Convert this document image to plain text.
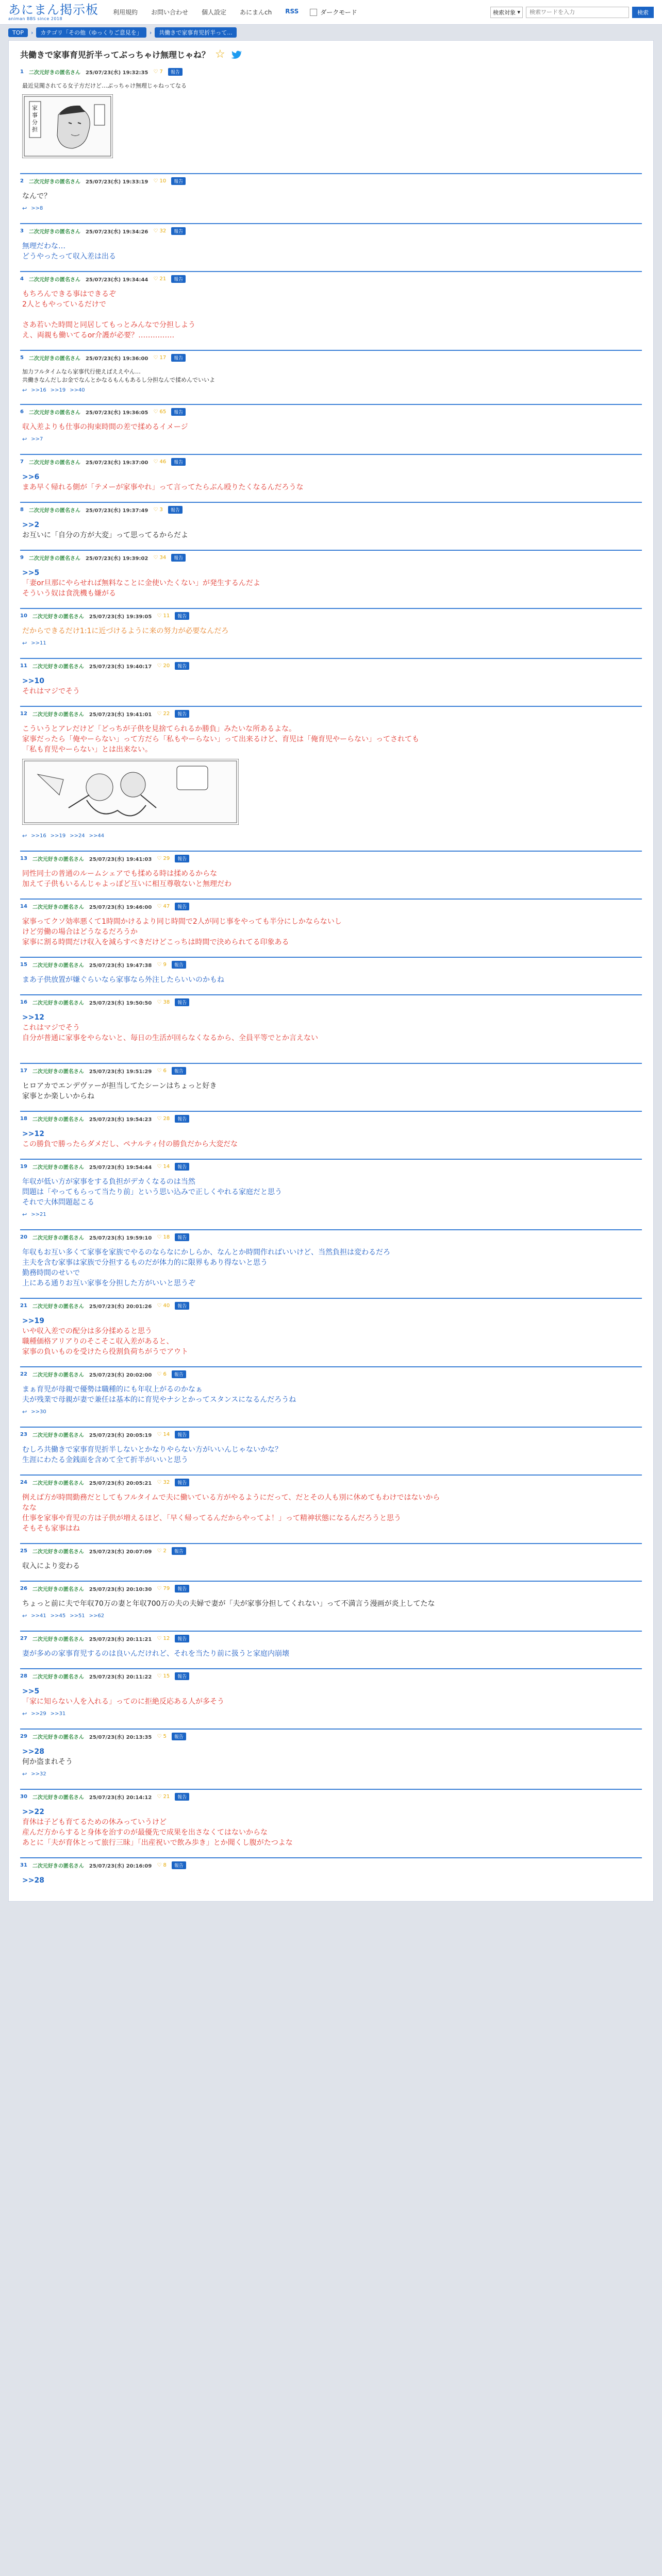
あにまん掲示板
animan BBS since 2018
利用規約 お問い合わせ 個人設定 あにまんch RSS	ダークモード	検索対象 ▾
検索ワードを入力	検索
TOP	›	カテゴリ「その他（ゆっくりご意見を」	›	共働きで家事育児折半って...
共働きで家事育児折半ってぶっちゃけ無理じゃね？ ☆
1 二次元好きの匿名さん 25/07/23(水) 19:32:35 ♡ 7	報告
最近見聞されてる女子方だけど…ぶっちゃけ無理じゃねってなる
家
事
分
担
2 二次元好きの匿名さん 25/07/23(水) 19:33:19 ♡ 10	報告
なんで？
↩ >>8
3 二次元好きの匿名さん 25/07/23(水) 19:34:26 ♡ 32	報告
無理だわな…
どうやったって収入差は出る
4 二次元好きの匿名さん 25/07/23(水) 19:34:44 ♡ 21	報告
もちろんできる事はできるぞ
2人ともやっているだけで

さあ若いた時間と同居してもっとみんなで分担しよう
え、両親も働いてるor介護が必要？……………
5 二次元好きの匿名さん 25/07/23(水) 19:36:00 ♡ 17	報告
加力フルタイムなら家事代行使えばええやん…
共働きなんだしお金でなんとかなるもんもあるし分担なんで揉めんでいいよ
↩ >>16 >>19 >>40
6 二次元好きの匿名さん 25/07/23(水) 19:36:05 ♡ 65	報告
収入差よりも仕事の拘束時間の差で揉めるイメージ
↩ >>7
7 二次元好きの匿名さん 25/07/23(水) 19:37:00 ♡ 46	報告
>>6
まあ早く帰れる側が「テメーが家事やれ」って言ってたらぶん殴りたくなるんだろうな
8 二次元好きの匿名さん 25/07/23(水) 19:37:49 ♡ 3	報告
>>2
お互いに「自分の方が大変」って思ってるからだよ
9 二次元好きの匿名さん 25/07/23(水) 19:39:02 ♡ 34	報告
>>5
「妻or旦那にやらせれば無料なことに金使いたくない」が発生するんだよ
そういう奴は食洗機も嫌がる
10 二次元好きの匿名さん 25/07/23(水) 19:39:05 ♡ 11	報告
だからできるだけ1:1に近づけるように来の努力が必要なんだろ
↩ >>11
11 二次元好きの匿名さん 25/07/23(水) 19:40:17 ♡ 20	報告
>>10
それはマジでそう
12 二次元好きの匿名さん 25/07/23(水) 19:41:01 ♡ 22	報告
こういうとアレだけど「どっちが子供を見捨てられるか勝負」みたいな所あるよな。
家事だったら「俺やーらない」って方だら「私もやーらない」って出来るけど、育児は「俺育児やーらない」ってされても
「私も育児やーらない」とは出来ない。
↩ >>16 >>19 >>24 >>44
13 二次元好きの匿名さん 25/07/23(水) 19:41:03 ♡ 29	報告
同性同士の普通のルームシェアでも揉める時は揉めるからな
加えて子供もいるんじゃよっぽど互いに相互尊敬ないと無理だわ
14 二次元好きの匿名さん 25/07/23(水) 19:46:00 ♡ 47	報告
家事ってクソ効率悪くて1時間かけるより同じ時間で2人が同じ事をやっても半分にしかならないし
けど労働の場合はどうなるだろうか
家事に割る時間だけ収入を減らすべきだけどこっちは時間で決められてる印象ある
15 二次元好きの匿名さん 25/07/23(水) 19:47:38 ♡ 9	報告
まあ子供放置が嫌ぐらいなら家事なら外注したらいいのかもね
16 二次元好きの匿名さん 25/07/23(水) 19:50:50 ♡ 38	報告
>>12
これはマジでそう
自分が普通に家事をやらないと、毎日の生活が回らなくなるから、全員平等でとか言えない

17 二次元好きの匿名さん 25/07/23(水) 19:51:29 ♡ 6	報告
ヒロアカでエンデヴァーが担当してたシーンはちょっと好き
家事とか楽しいからね
18 二次元好きの匿名さん 25/07/23(水) 19:54:23 ♡ 28	報告
>>12
この勝負で勝ったらダメだし、ペナルティ付の勝負だから大変だな
19 二次元好きの匿名さん 25/07/23(水) 19:54:44 ♡ 14	報告
年収が低い方が家事をする負担がデカくなるのは当然
問題は「やってもらって当たり前」という思い込みで正しくやれる家庭だと思う
それで大体問題起こる
↩ >>21
20 二次元好きの匿名さん 25/07/23(水) 19:59:10 ♡ 18	報告
年収もお互い多くて家事を家族でやるのならなにかしらか、なんとか時間作ればいいけど、当然負担は変わるだろ
主夫を含む家事は家族で分担するものだが体力的に限界もあり得ないと思う
勤務時間のせいで
上にある通りお互い家事を分担した方がいいと思うぞ
21 二次元好きの匿名さん 25/07/23(水) 20:01:26 ♡ 40	報告
>>19
いや収入差での配分は多分揉めると思う
職種価格アリアりのそこそこ収入差があると、
家事の負いものを受けたら役割負荷ちがうでアウト
22 二次元好きの匿名さん 25/07/23(水) 20:02:00 ♡ 6	報告
まぁ育児が母親で優勢は職種的にも年収上がるのかなぁ
夫が残業で母親が妻で兼任は基本的に育児やナシとかってスタンスになるんだろうね
↩ >>30
23 二次元好きの匿名さん 25/07/23(水) 20:05:19 ♡ 14	報告
むしろ共働きで家事育児折半しないとかなりやらない方がいいんじゃないかな？
生涯にわたる金銭面を含めて全て折半がいいと思う
24 二次元好きの匿名さん 25/07/23(水) 20:05:21 ♡ 32	報告
例えば方が時間勤務だとしてもフルタイムで夫に働いている方がやるようにだって、だとその人も別に休めてもわけではないから
なな
仕事を家事や育児の方は子供が増えるほど、「早く帰ってるんだからやってよ！」って精神状態になるんだろうと思う
そもそも家事はね
25 二次元好きの匿名さん 25/07/23(水) 20:07:09 ♡ 2	報告
収入により変わる
26 二次元好きの匿名さん 25/07/23(水) 20:10:30 ♡ 79	報告
ちょっと前に夫で年収70万の妻と年収700万の夫の夫婦で妻が「夫が家事分担してくれない」って不満言う漫画が炎上してたな
↩ >>41 >>45 >>51 >>62
27 二次元好きの匿名さん 25/07/23(水) 20:11:21 ♡ 12	報告
妻が多めの家事育児するのは良いんだけれど、それを当たり前に扱うと家庭内崩壊
28 二次元好きの匿名さん 25/07/23(水) 20:11:22 ♡ 15	報告
>>5
「家に知らない人を入れる」ってのに拒絶反応ある人が多そう
↩ >>29 >>31
29 二次元好きの匿名さん 25/07/23(水) 20:13:35 ♡ 5	報告
>>28
何か盗まれそう
↩ >>32
30 二次元好きの匿名さん 25/07/23(水) 20:14:12 ♡ 21	報告
>>22
育休は子ども育てるための休みっていうけど
産んだ方からすると身体を治すのが最優先で成果を出さなくてはないからな
あとに「夫が育休とって旅行三昧」「出産祝いで飲み歩き」とか聞くし腹がたつよな
31 二次元好きの匿名さん 25/07/23(水) 20:16:09 ♡ 8	報告
>>28
